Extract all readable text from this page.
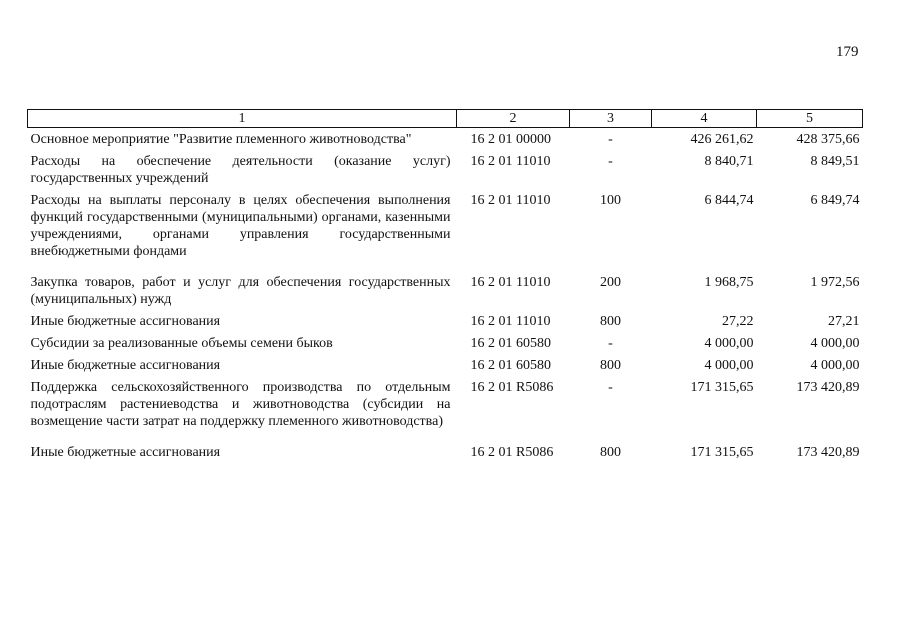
179
1	2	3	4	5
Основное мероприятие "Развитие племенного животноводства"	16 2 01 00000	-	426 261,62	428 375,66
Расходы на обеспечение деятельности (оказание услуг) государственных учреждений	16 2 01 11010	-	8 840,71	8 849,51
Расходы на выплаты персоналу в целях обеспечения выполнения функций государственными (муниципальными) органами, казенными учреждениями, органами управления государственными внебюджетными фондами	16 2 01 11010	100	6 844,74	6 849,74
Закупка товаров, работ и услуг для обеспечения государственных (муниципальных) нужд	16 2 01 11010	200	1 968,75	1 972,56
Иные бюджетные ассигнования	16 2 01 11010	800	27,22	27,21
Субсидии за реализованные объемы семени быков	16 2 01 60580	-	4 000,00	4 000,00
Иные бюджетные ассигнования	16 2 01 60580	800	4 000,00	4 000,00
Поддержка сельскохозяйственного производства по отдельным подотраслям растениеводства и животноводства (субсидии на возмещение части затрат на поддержку племенного животноводства)	16 2 01 R5086	-	171 315,65	173 420,89
Иные бюджетные ассигнования	16 2 01 R5086	800	171 315,65	173 420,89
